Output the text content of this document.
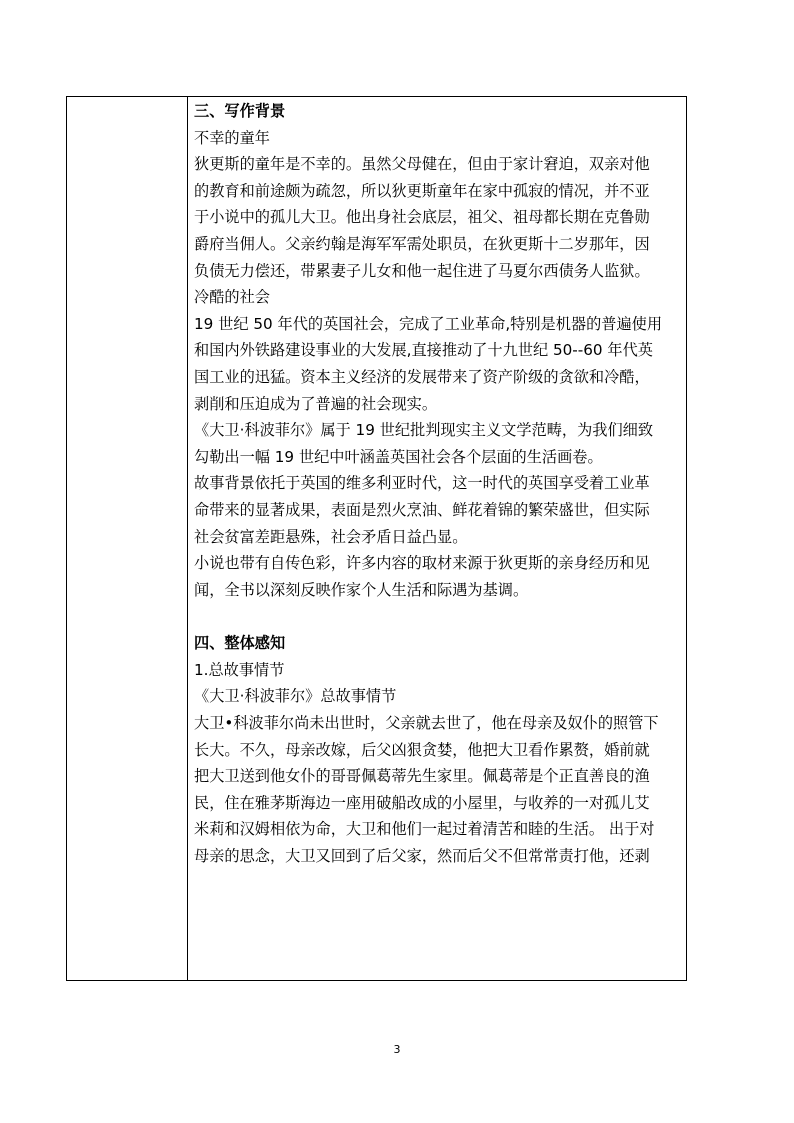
三、写作背景

不幸的童年

狄更斯的童年是不幸的。虽然父母健在，但由于家计窘迫，双亲对他

的教育和前途颇为疏忽，所以狄更斯童年在家中孤寂的情况，并不亚

于小说中的孤儿大卫。他出身社会底层，祖父、祖母都长期在克鲁勋

爵府当佣人。父亲约翰是海军军需处职员，在狄更斯十二岁那年，因

负债无力偿还，带累妻子儿女和他一起住进了马夏尔西债务人监狱。

冷酷的社会

19 世纪 50 年代的英国社会，完成了工业革命,特别是机器的普遍使用

和国内外铁路建设事业的大发展,直接推动了十九世纪 50--60 年代英

国工业的迅猛。资本主义经济的发展带来了资产阶级的贪欲和冷酷，

剥削和压迫成为了普遍的社会现实。

《大卫·科波菲尔》属于 19 世纪批判现实主义文学范畴，为我们细致

勾勒出一幅 19 世纪中叶涵盖英国社会各个层面的生活画卷。

故事背景依托于英国的维多利亚时代，这一时代的英国享受着工业革

命带来的显著成果，表面是烈火烹油、鲜花着锦的繁荣盛世，但实际

社会贫富差距悬殊，社会矛盾日益凸显。

小说也带有自传色彩，许多内容的取材来源于狄更斯的亲身经历和见

闻，全书以深刻反映作家个人生活和际遇为基调。

四、整体感知

1.总故事情节

《大卫·科波菲尔》总故事情节

大卫•科波菲尔尚未出世时，父亲就去世了，他在母亲及奴仆的照管下

长大。不久，母亲改嫁，后父凶狠贪婪，他把大卫看作累赘，婚前就

把大卫送到他女仆的哥哥佩葛蒂先生家里。佩葛蒂是个正直善良的渔

民，住在雅茅斯海边一座用破船改成的小屋里，与收养的一对孤儿艾

米莉和汉姆相依为命，大卫和他们一起过着清苦和睦的生活。 出于对

母亲的思念，大卫又回到了后父家，然而后父不但常常责打他，还剥

3
